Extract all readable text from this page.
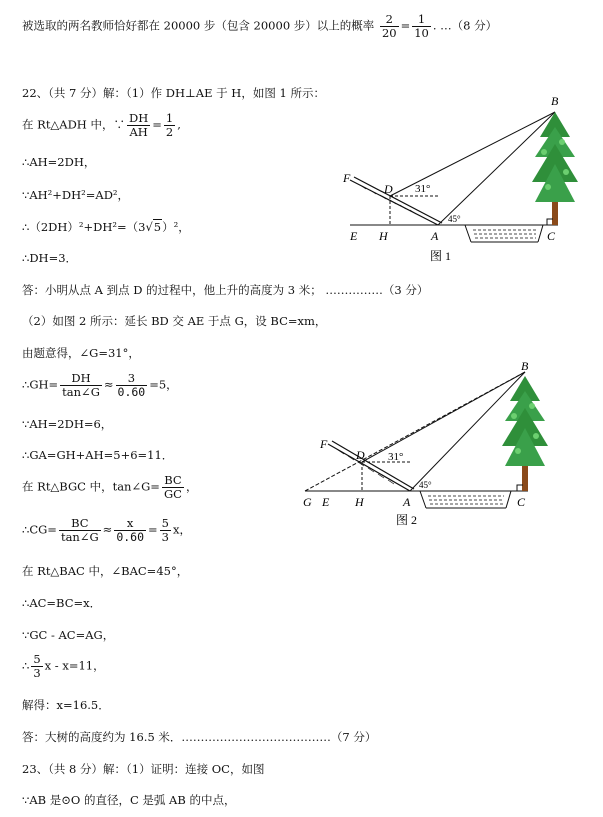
被选取的两名教师恰好都在 20000 步（包含 20000 步）以上的概率 $\frac{2}{20} = \frac{1}{10}$ . …（8 分）
22、（共 7 分）解：（1）作 DH⊥AE 于 H，如图 1 所示：
在 Rt△ADH 中，∵ $\frac{DH}{AH} = \frac{1}{2}$ ,
∴AH=2DH，
∵AH²+DH²=AD²，
∴（2DH）²+DH²=（3√5）²，
∴DH=3．
答：小明从点 A 到点 D 的过程中，他上升的高度为 3 米； ……………（3 分）
（2）如图 2 所示：延长 BD 交 AE 于点 G，设 BC=xm，
由题意得，∠G=31°，
∴GH= $\frac{DH}{\tan\angle G} \approx \frac{3}{0.60} =5$，
∵AH=2DH=6，
∴GA=GH+AH=5+6=11．
在 Rt△BGC 中，tan∠G= $\frac{BC}{GC}$ ，
∴CG= $\frac{BC}{\tan\angle G} \approx \frac{x}{0.60} = \frac{5}{3}$ x，
在 Rt△BAC 中，∠BAC=45°，
∴AC=BC=x．
∵GC - AC=AG，
∴ $\frac{5}{3}$ x - x=11，
解得：x=16.5．
答：大树的高度约为 16.5 米．…………………………………（7 分）
23、（共 8 分）解：（1）证明：连接 OC，如图
∵AB 是⊙O 的直径，C 是弧 AB 的中点，
F
D 31°
B
45°
E H	A	C
图 1
F
D 31°
B
45°
G E H	A	C
图 2
